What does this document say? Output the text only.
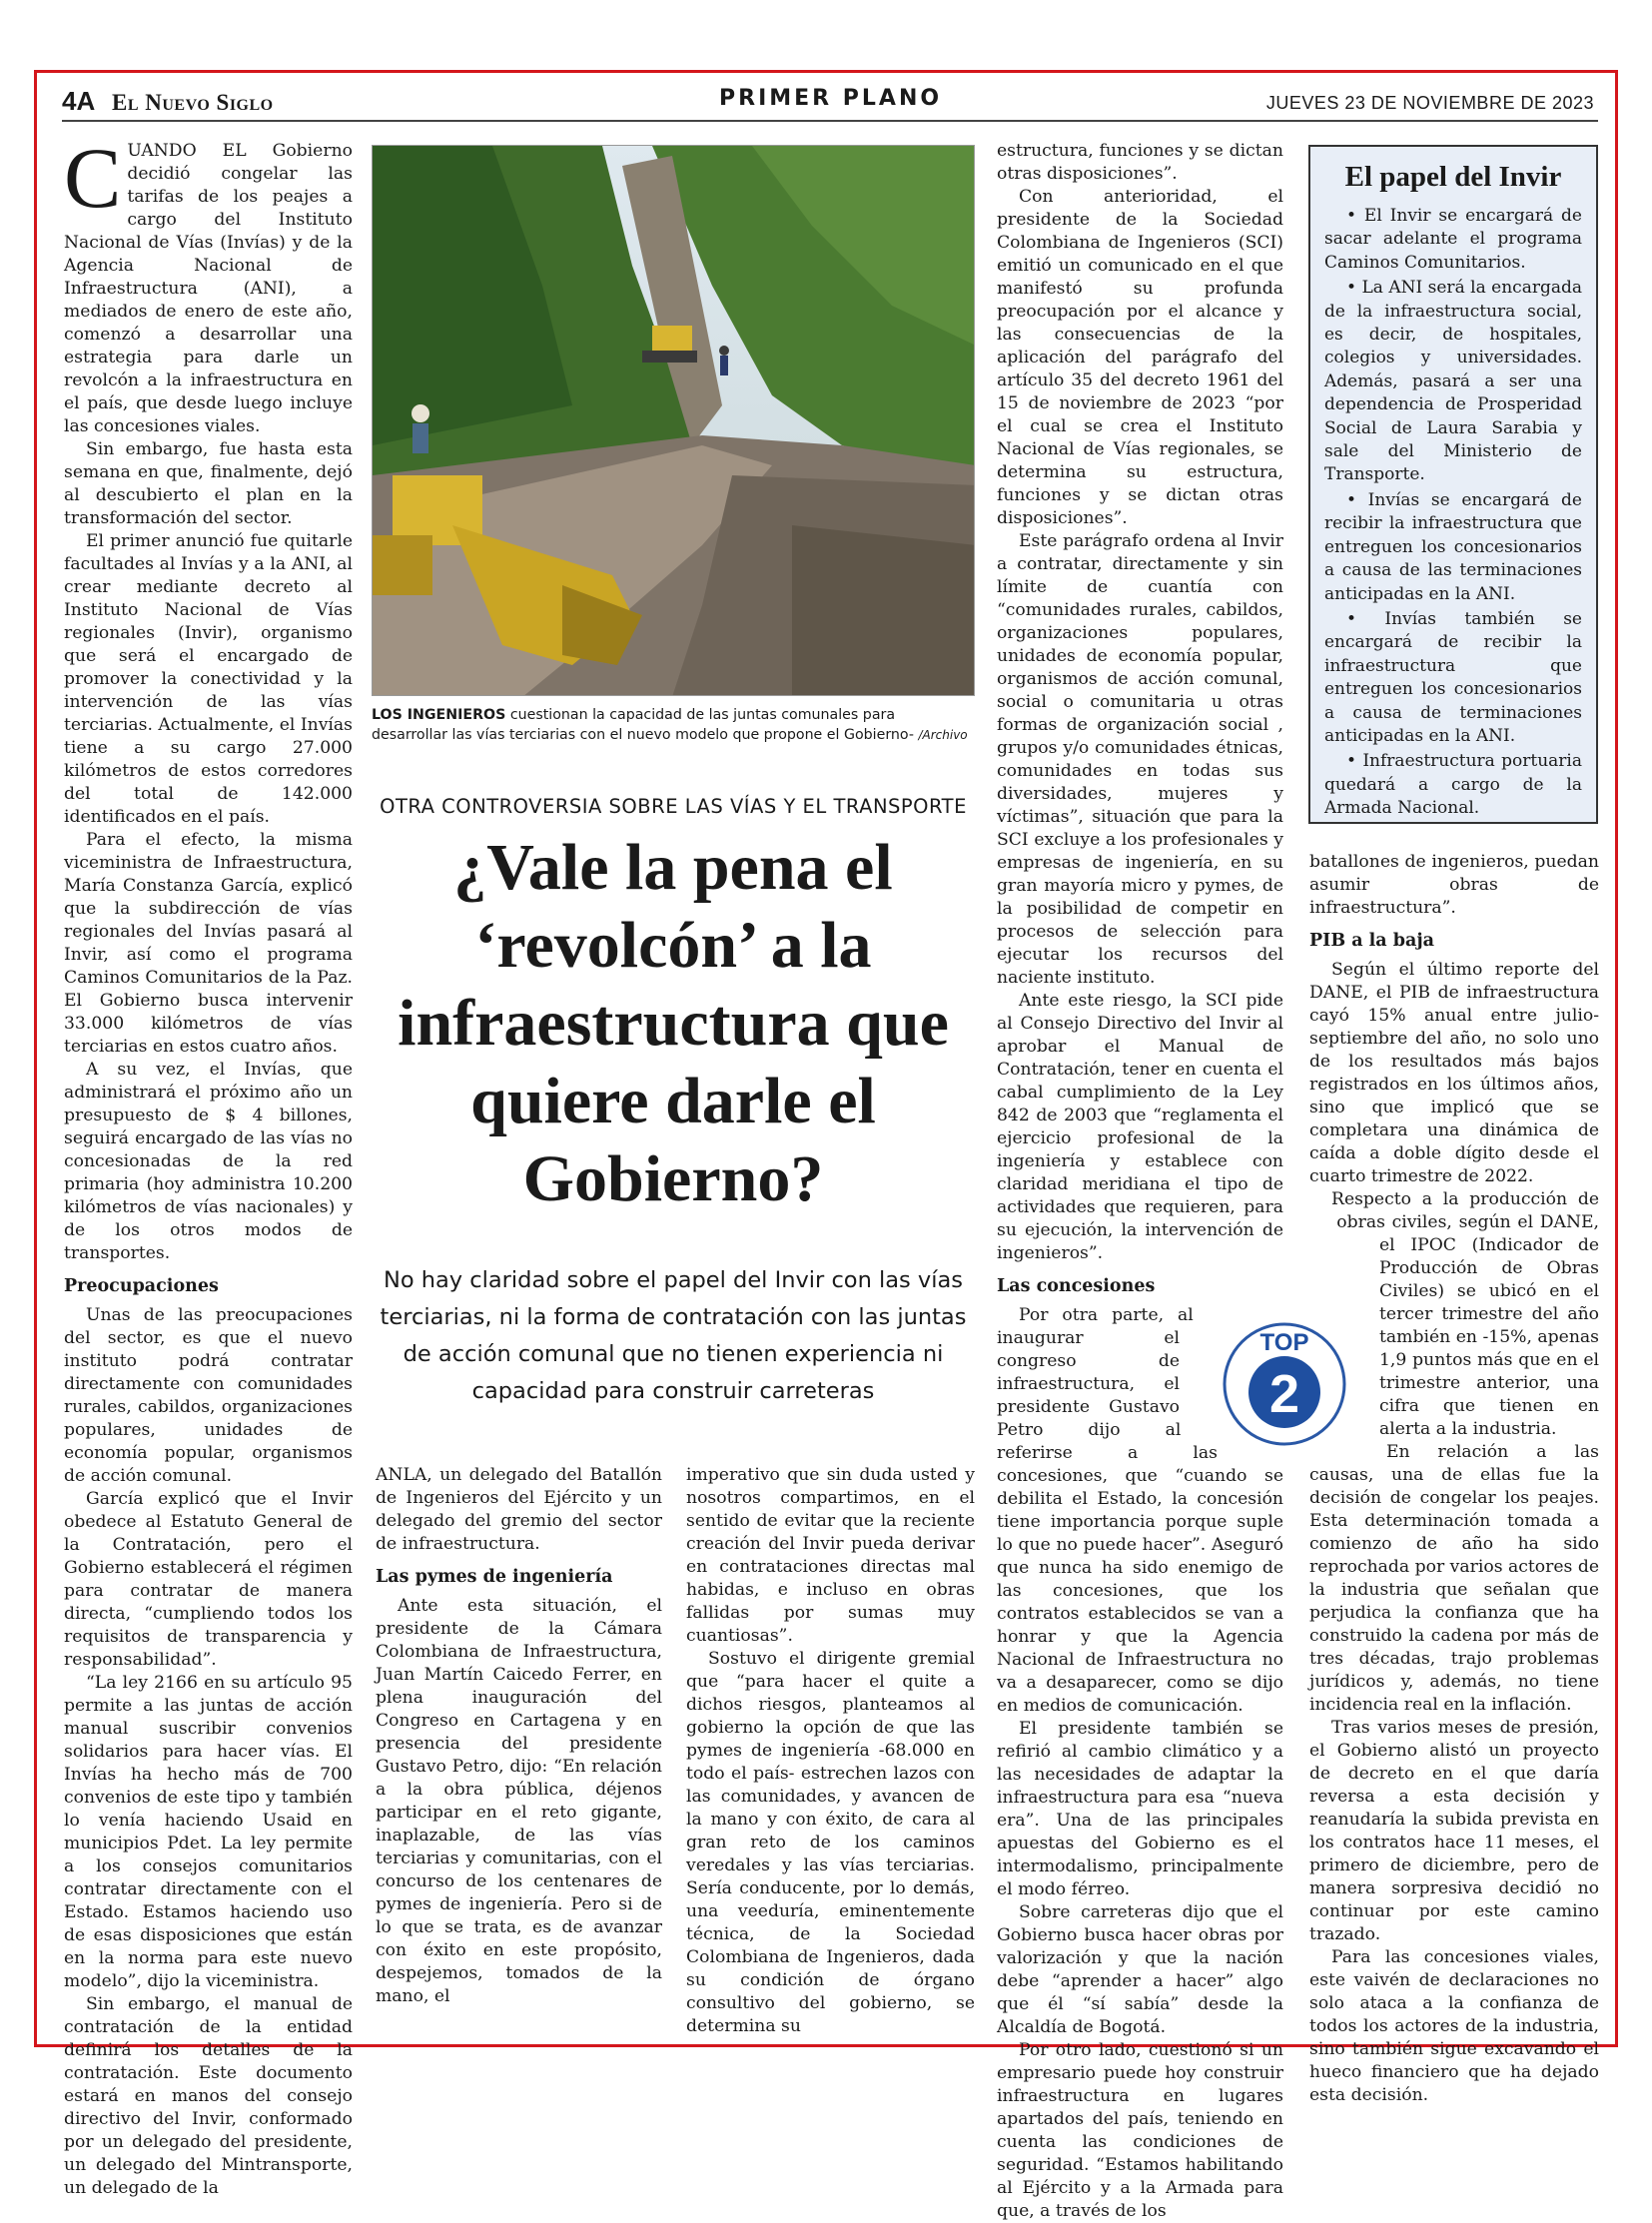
4A El Nuevo Siglo	PRIMER PLANO	JUEVES 23 DE NOVIEMBRE DE 2023

CUANDO EL Gobierno decidió congelar las tarifas de los peajes a cargo del Instituto Nacional de Vías (Invías) y de la Agencia Nacional de Infraestructura (ANI), a mediados de enero de este año, comenzó a desarrollar una estrategia para darle un revolcón a la infraestructura en el país, que desde luego incluye las concesiones viales.

Sin embargo, fue hasta esta semana en que, finalmente, dejó al descubierto el plan en la transformación del sector.

El primer anunció fue quitarle facultades al Invías y a la ANI, al crear mediante decreto al Instituto Nacional de Vías regionales (Invir), organismo que será el encargado de promover la conectividad y la intervención de las vías terciarias. Actualmente, el Invías tiene a su cargo 27.000 kilómetros de estos corredores del total de 142.000 identificados en el país.

Para el efecto, la misma viceministra de Infraestructura, María Constanza García, explicó que la subdirección de vías regionales del Invías pasará al Invir, así como el programa Caminos Comunitarios de la Paz. El Gobierno busca intervenir 33.000 kilómetros de vías terciarias en estos cuatro años.

A su vez, el Invías, que administrará el próximo año un presupuesto de $ 4 billones, seguirá encargado de las vías no concesionadas de la red primaria (hoy administra 10.200 kilómetros de vías nacionales) y de los otros modos de transportes.

Preocupaciones

Unas de las preocupaciones del sector, es que el nuevo instituto podrá contratar directamente con comunidades rurales, cabildos, organizaciones populares, unidades de economía popular, organismos de acción comunal.

García explicó que el Invir obedece al Estatuto General de la Contratación, pero el Gobierno establecerá el régimen para contratar de manera directa, “cumpliendo todos los requisitos de transparencia y responsabilidad”.

“La ley 2166 en su artículo 95 permite a las juntas de acción manual suscribir convenios solidarios para hacer vías. El Invías ha hecho más de 700 convenios de este tipo y también lo venía haciendo Usaid en municipios Pdet. La ley permite a los consejos comunitarios contratar directamente con el Estado. Estamos haciendo uso de esas disposiciones que están en la norma para este nuevo modelo”, dijo la viceministra.

Sin embargo, el manual de contratación de la entidad definirá los detalles de la contratación. Este documento estará en manos del consejo directivo del Invir, conformado por un delegado del presidente, un delegado del Mintransporte, un delegado de la

LOS INGENIEROS cuestionan la capacidad de las juntas comunales para desarrollar las vías terciarias con el nuevo modelo que propone el Gobierno- /Archivo
OTRA CONTROVERSIA SOBRE LAS VÍAS Y EL TRANSPORTE
¿Vale la pena el ‘revolcón’ a la infraestructura que quiere darle el Gobierno?
No hay claridad sobre el papel del Invir con las vías terciarias, ni la forma de contratación con las juntas de acción comunal que no tienen experiencia ni capacidad para construir carreteras

ANLA, un delegado del Batallón de Ingenieros del Ejército y un delegado del gremio del sector de infraestructura.

Las pymes de ingeniería

Ante esta situación, el presidente de la Cámara Colombiana de Infraestructura, Juan Martín Caicedo Ferrer, en plena inauguración del Congreso en Cartagena y en presencia del presidente Gustavo Petro, dijo: “En relación a la obra pública, déjenos participar en el reto gigante, inaplazable, de las vías terciarias y comunitarias, con el concurso de los centenares de pymes de ingeniería. Pero si de lo que se trata, es de avanzar con éxito en este propósito, despejemos, tomados de la mano, el

imperativo que sin duda usted y nosotros compartimos, en el sentido de evitar que la reciente creación del Invir pueda derivar en contrataciones directas mal habidas, e incluso en obras fallidas por sumas muy cuantiosas”.

Sostuvo el dirigente gremial que “para hacer el quite a dichos riesgos, planteamos al gobierno la opción de que las pymes de ingeniería -68.000 en todo el país- estrechen lazos con las comunidades, y avancen de la mano y con éxito, de cara al gran reto de los caminos veredales y las vías terciarias. Sería conducente, por lo demás, una veeduría, eminentemente técnica, de la Sociedad Colombiana de Ingenieros, dada su condición de órgano consultivo del gobierno, se determina su

estructura, funciones y se dictan otras disposiciones”.

Con anterioridad, el presidente de la Sociedad Colombiana de Ingenieros (SCI) emitió un comunicado en el que manifestó su profunda preocupación por el alcance y las consecuencias de la aplicación del parágrafo del artículo 35 del decreto 1961 del 15 de noviembre de 2023 “por el cual se crea el Instituto Nacional de Vías regionales, se determina su estructura, funciones y se dictan otras disposiciones”.

Este parágrafo ordena al Invir a contratar, directamente y sin límite de cuantía con “comunidades rurales, cabildos, organizaciones populares, unidades de economía popular, organismos de acción comunal, social o comunitaria u otras formas de organización social , grupos y/o comunidades étnicas, comunidades en todas sus diversidades, mujeres y víctimas”, situación que para la SCI excluye a los profesionales y empresas de ingeniería, en su gran mayoría micro y pymes, de la posibilidad de competir en procesos de selección para ejecutar los recursos del naciente instituto.

Ante este riesgo, la SCI pide al Consejo Directivo del Invir al aprobar el Manual de Contratación, tener en cuenta el cabal cumplimiento de la Ley 842 de 2003 que “reglamenta el ejercicio profesional de la ingeniería y establece con claridad meridiana el tipo de actividades que requieren, para su ejecución, la intervención de ingenieros”.

Las concesiones

Por otra parte, al inaugurar el congreso de infraestructura, el presidente Gustavo Petro dijo al referirse a las concesiones, que “cuando se debilita el Estado, la concesión tiene importancia porque suple lo que no puede hacer”. Aseguró que nunca ha sido enemigo de las concesiones, que los contratos establecidos se van a honrar y que la Agencia Nacional de Infraestructura no va a desaparecer, como se dijo en medios de comunicación.

El presidente también se refirió al cambio climático y a las necesidades de adaptar la infraestructura para esa “nueva era”. Una de las principales apuestas del Gobierno es el intermodalismo, principalmente el modo férreo.

Sobre carreteras dijo que el Gobierno busca hacer obras por valorización y que la nación debe “aprender a hacer” algo que él “sí sabía” desde la Alcaldía de Bogotá.

Por otro lado, cuestionó si un empresario puede hoy construir infraestructura en lugares apartados del país, teniendo en cuenta las condiciones de seguridad. “Estamos habilitando al Ejército y a la Armada para que, a través de los

El papel del Invir

• El Invir se encargará de sacar adelante el programa Caminos Comunitarios.

• La ANI será la encargada de la infraestructura social, es decir, de hospitales, colegios y universidades. Además, pasará a ser una dependencia de Prosperidad Social de Laura Sarabia y sale del Ministerio de Transporte.

• Invías se encargará de recibir la infraestructura que entreguen los concesionarios a causa de las terminaciones anticipadas en la ANI.

• Invías también se encargará de recibir la infraestructura que entreguen los concesionarios a causa de terminaciones anticipadas en la ANI.

• Infraestructura portuaria quedará a cargo de la Armada Nacional.

batallones de ingenieros, puedan asumir obras de infraestructura”.

PIB a la baja

Según el último reporte del DANE, el PIB de infraestructura cayó 15% anual entre julio-septiembre del año, no solo uno de los resultados más bajos registrados en los últimos años, sino que implicó que se completara una dinámica de caída a doble dígito desde el cuarto trimestre de 2022.

Respecto a la producción de obras civiles, según el DANE, el IPOC (Indicador de Producción de Obras Civiles) se ubicó en el tercer trimestre del año también en -15%, apenas 1,9 puntos más que en el trimestre anterior, una cifra que tienen en alerta a la industria.

En relación a las causas, una de ellas fue la decisión de congelar los peajes. Esta determinación tomada a comienzo de año ha sido reprochada por varios actores de la industria que señalan que perjudica la confianza que ha construido la cadena por más de tres décadas, trajo problemas jurídicos y, además, no tiene incidencia real en la inflación.

Tras varios meses de presión, el Gobierno alistó un proyecto de decreto en el que daría reversa a esta decisión y reanudaría la subida prevista en los contratos hace 11 meses, el primero de diciembre, pero de manera sorpresiva decidió no continuar por este camino trazado.

Para las concesiones viales, este vaivén de declaraciones no solo ataca a la confianza de todos los actores de la industria, sino también sigue excavando el hueco financiero que ha dejado esta decisión.

TOP
2
